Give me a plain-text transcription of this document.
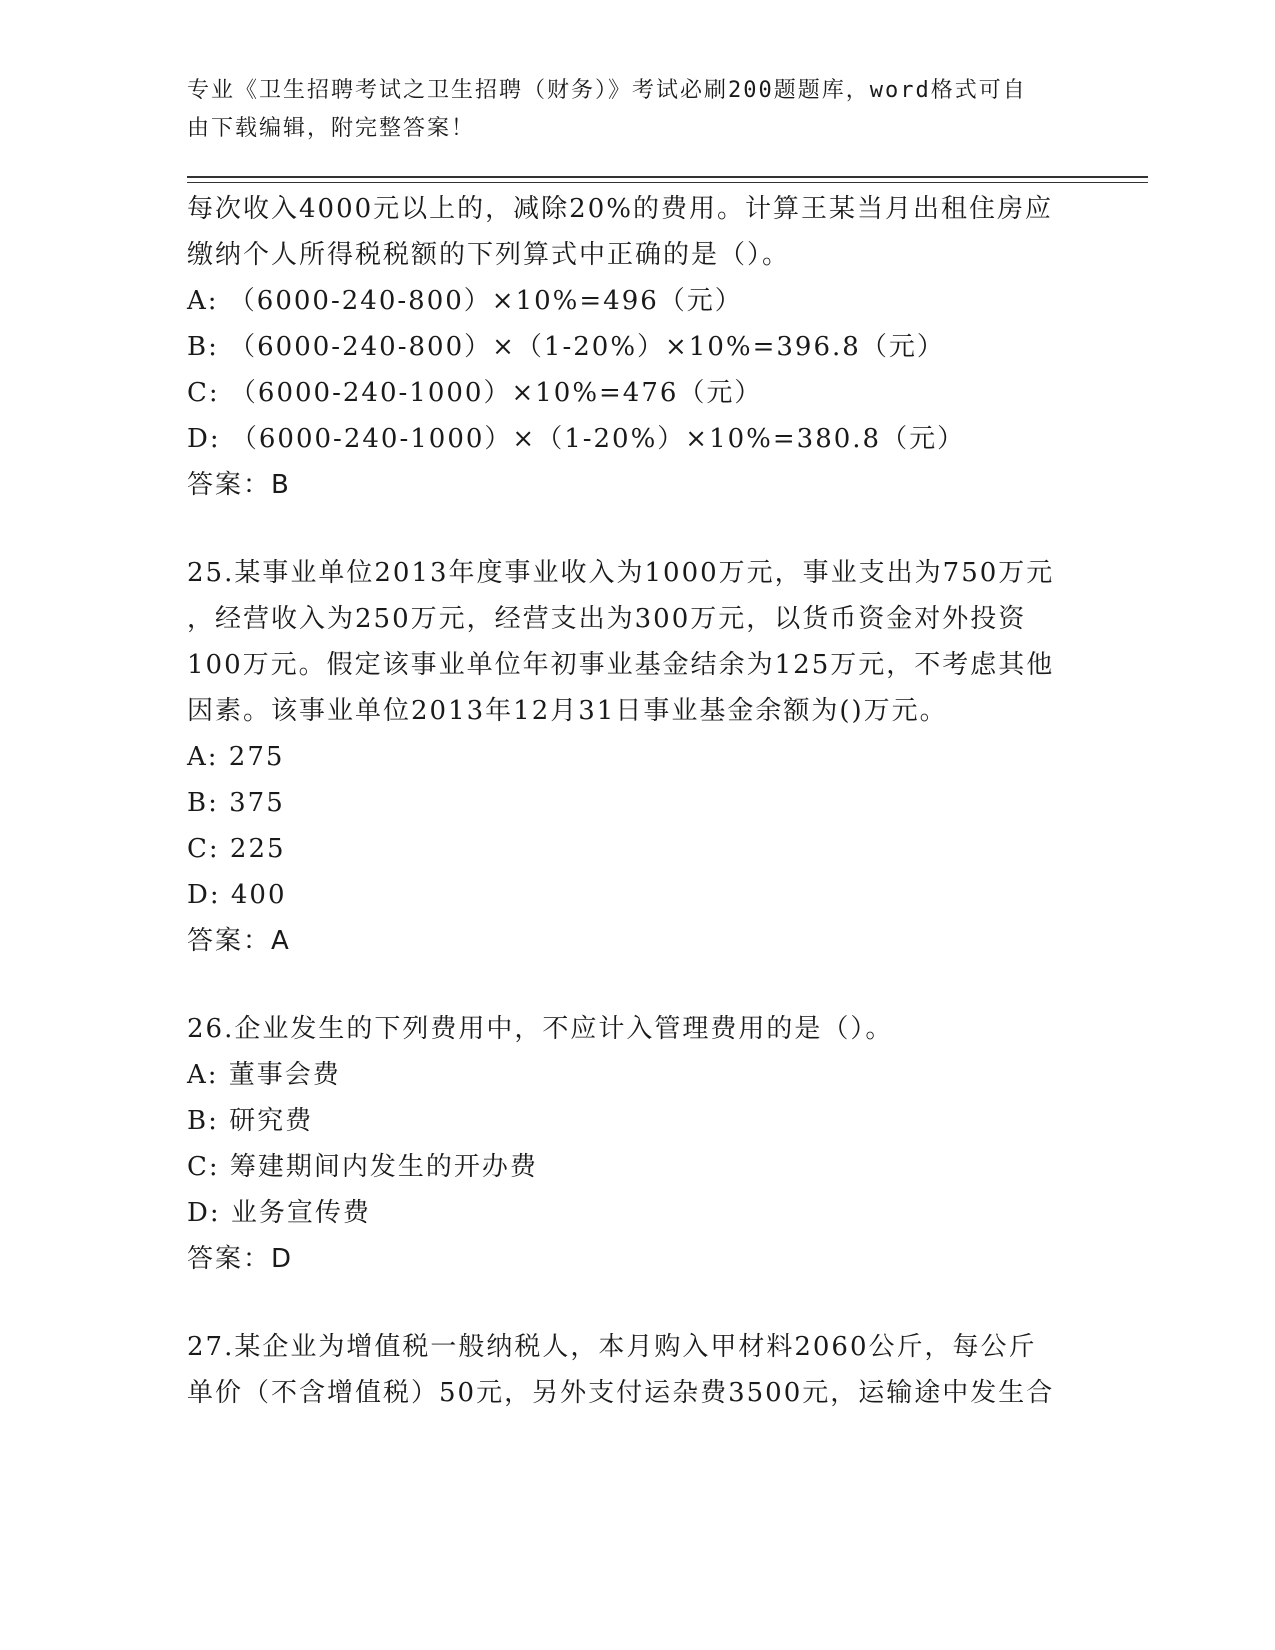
专业《卫生招聘考试之卫生招聘（财务）》考试必刷200题题库，word格式可自
由下载编辑，附完整答案！
每次收入4000元以上的，减除20%的费用。计算王某当月出租住房应
缴纳个人所得税税额的下列算式中正确的是（）。
A: （6000-240-800）×10%=496（元）
B: （6000-240-800）×（1-20%）×10%=396.8（元）
C: （6000-240-1000）×10%=476（元）
D: （6000-240-1000）×（1-20%）×10%=380.8（元）
答案：B
25.某事业单位2013年度事业收入为1000万元，事业支出为750万元
，经营收入为250万元，经营支出为300万元，以货币资金对外投资
100万元。假定该事业单位年初事业基金结余为125万元，不考虑其他
因素。该事业单位2013年12月31日事业基金余额为()万元。
A: 275
B: 375
C: 225
D: 400
答案：A
26.企业发生的下列费用中，不应计入管理费用的是（）。
A: 董事会费
B: 研究费
C: 筹建期间内发生的开办费
D: 业务宣传费
答案：D
27.某企业为增值税一般纳税人，本月购入甲材料2060公斤，每公斤
单价（不含增值税）50元，另外支付运杂费3500元，运输途中发生合
